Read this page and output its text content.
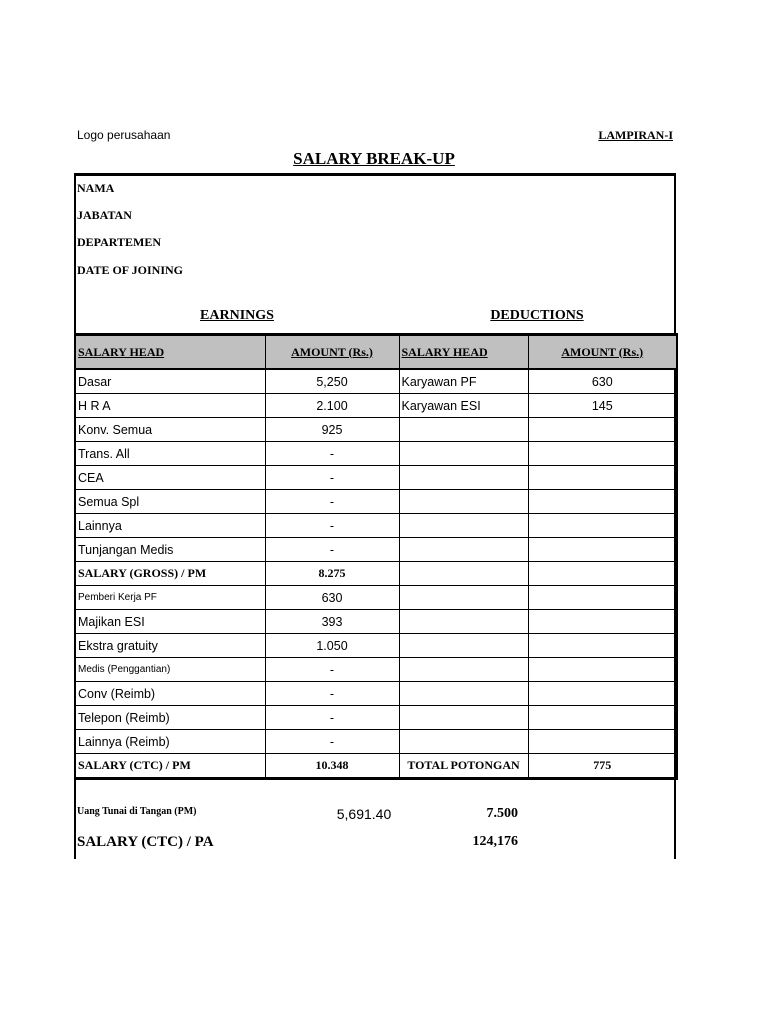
Logo perusahaan	LAMPIRAN-I
SALARY BREAK-UP
NAMA
JABATAN
DEPARTEMEN
DATE OF JOINING
EARNINGS	DEDUCTIONS
SALARY HEAD	AMOUNT (Rs.)	SALARY HEAD	AMOUNT (Rs.)
Dasar	5,250	Karyawan PF	630
H R A	2.100	Karyawan ESI	145
Konv. Semua	925		
Trans. All	-		
CEA	-		
Semua Spl	-		
Lainnya	-		
Tunjangan Medis	-		
SALARY (GROSS) / PM	8.275		
Pemberi Kerja PF	630		
Majikan ESI	393		
Ekstra gratuity	1.050		
Medis (Penggantian)	-		
Conv (Reimb)	-		
Telepon (Reimb)	-		
Lainnya (Reimb)	-		
SALARY (CTC) / PM	10.348	TOTAL POTONGAN	775
Uang Tunai di Tangan (PM)	5,691.40	7.500
SALARY (CTC) / PA	124,176
